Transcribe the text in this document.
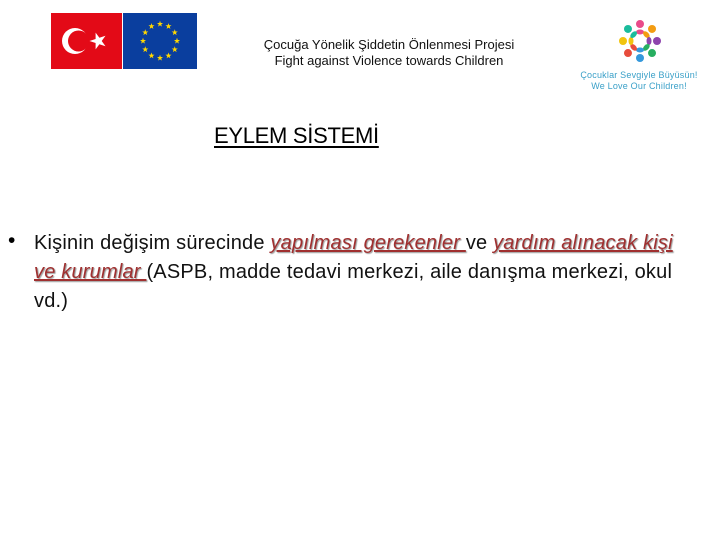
Çocuğa Yönelik Şiddetin Önlenmesi Projesi
Fight against Violence towards Children
Çocuklar Sevgiyle Büyüsün!
We Love Our Children!
EYLEM SİSTEMİ
• Kişinin değişim sürecinde yapılması gerekenler ve yardım alınacak kişi ve kurumlar (ASPB, madde tedavi merkezi, aile danışma merkezi, okul vd.)
